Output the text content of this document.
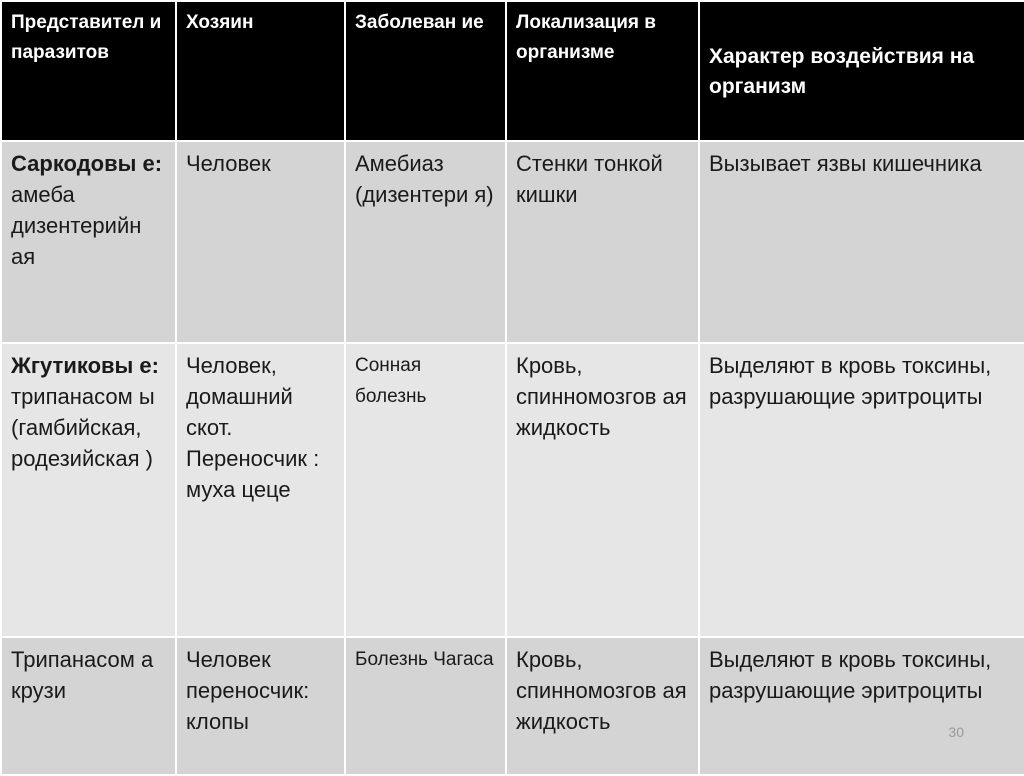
Представител и паразитов	Хозяин	Заболеван ие	Локализация в организме	Характер воздействия на организм
Саркодовы е: амеба дизентерийн ая	Человек	Амебиаз (дизентери я)	Стенки тонкой кишки	Вызывает язвы кишечника
Жгутиковы е: трипанасом ы (гамбийская, родезийская )	Человек, домашний скот. Переносчик : муха цеце	Сонная болезнь	Кровь, спинномозгов ая жидкость	Выделяют в кровь токсины, разрушающие эритроциты
Трипанасом а крузи	Человек переносчик: клопы	Болезнь Чагаса	Кровь, спинномозгов ая жидкость	Выделяют в кровь токсины, разрушающие эритроциты
30
